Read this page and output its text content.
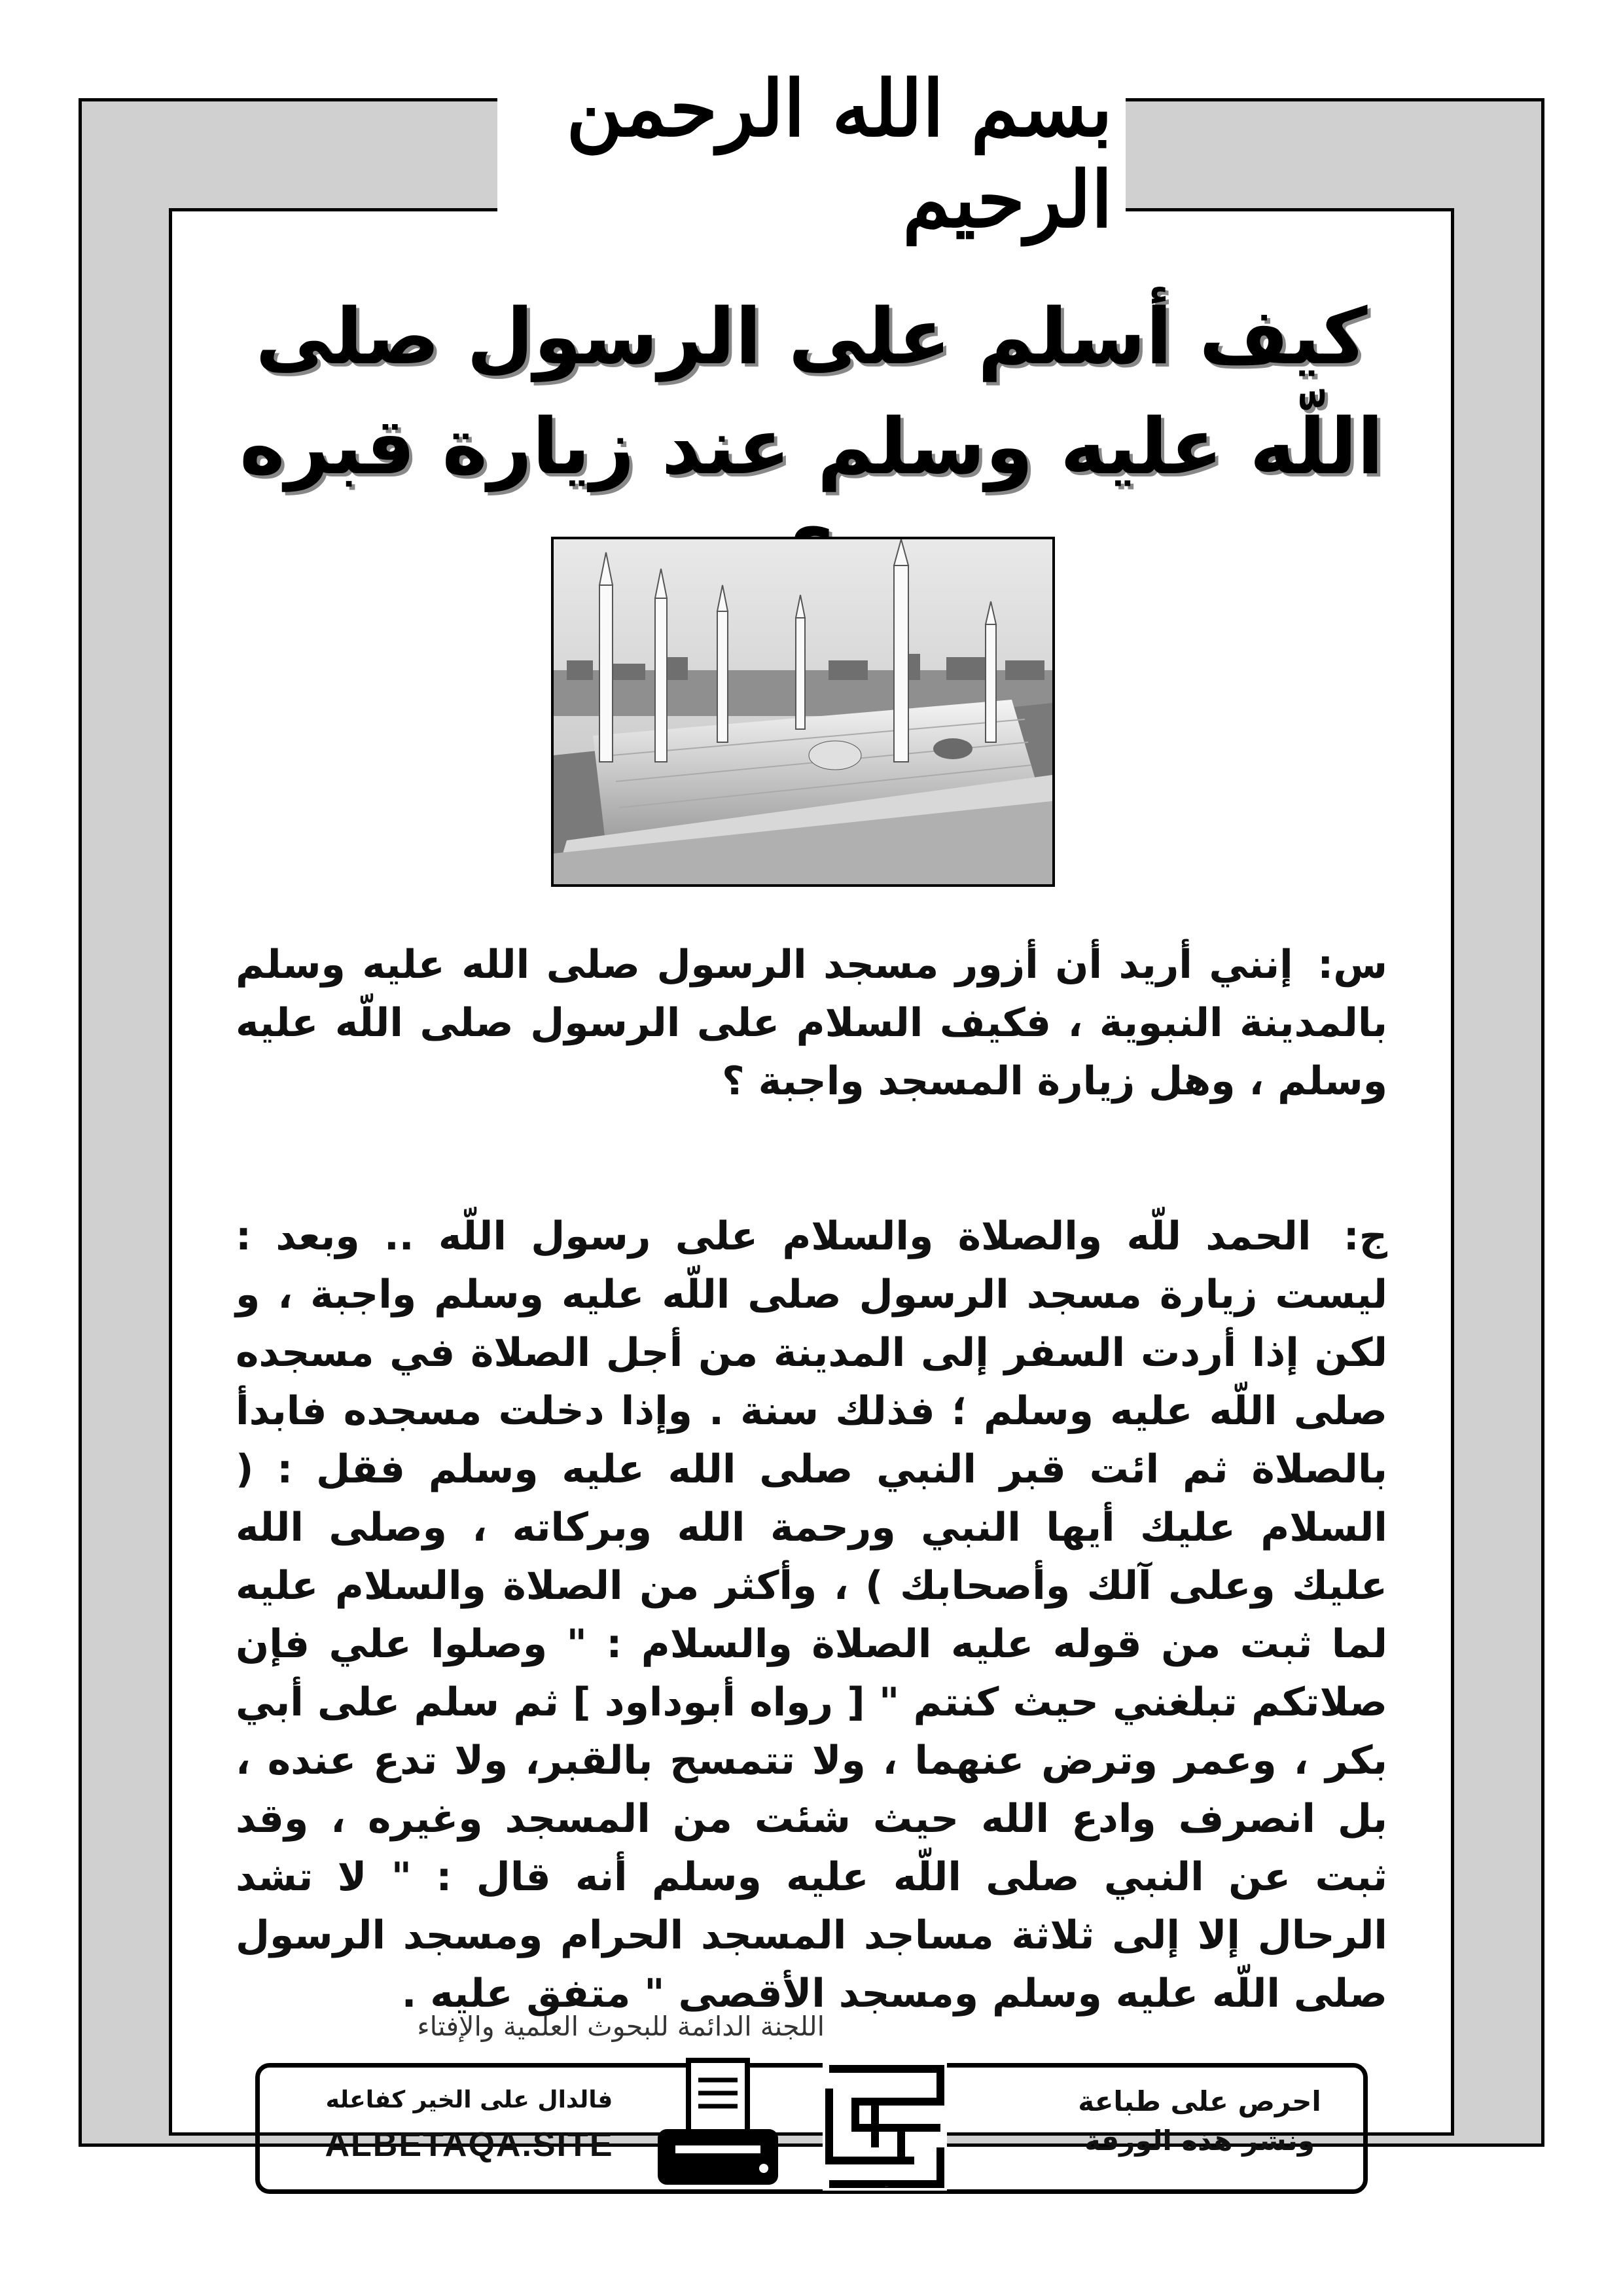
بسم الله الرحمن الرحيم
كيف أسلم على الرسول صلى
اللّه عليه وسلم عند زيارة قبره
س: إنني أريد أن أزور مسجد الرسول صلى الله عليه وسلم بالمدينة النبوية ، فكيف السلام على الرسول صلى اللّه عليه وسلم ، وهل زيارة المسجد واجبة ؟
ج: الحمد للّه والصلاة والسلام على رسول اللّه .. وبعد : ليست زيارة مسجد الرسول صلى اللّه عليه وسلم واجبة ، و لكن إذا أردت السفر إلى المدينة من أجل الصلاة في مسجده صلى اللّه عليه وسلم ؛ فذلك سنة . وإذا دخلت مسجده فابدأ بالصلاة ثم ائت قبر النبي صلى الله عليه وسلم فقل : ( السلام عليك أيها النبي ورحمة الله وبركاته ، وصلى الله عليك وعلى آلك وأصحابك ) ، وأكثر من الصلاة والسلام عليه لما ثبت من قوله عليه الصلاة والسلام : " وصلوا علي فإن صلاتكم تبلغني حيث كنتم " [ رواه أبوداود ] ثم سلم على أبي بكر ، وعمر وترض عنهما ، ولا تتمسح بالقبر، ولا تدع عنده ، بل انصرف وادع الله حيث شئت من المسجد وغيره ، وقد ثبت عن النبي صلى اللّه عليه وسلم أنه قال : " لا تشد الرحال إلا إلى ثلاثة مساجد المسجد الحرام ومسجد الرسول صلى اللّه عليه وسلم ومسجد الأقصى " متفق عليه .
اللجنة الدائمة للبحوث العلمية والإفتاء
احرص على طباعة
ونشر هذه الورقة
دعوة الورقة
فالدال على الخير كفاعله
ALBETAQA.SITE
